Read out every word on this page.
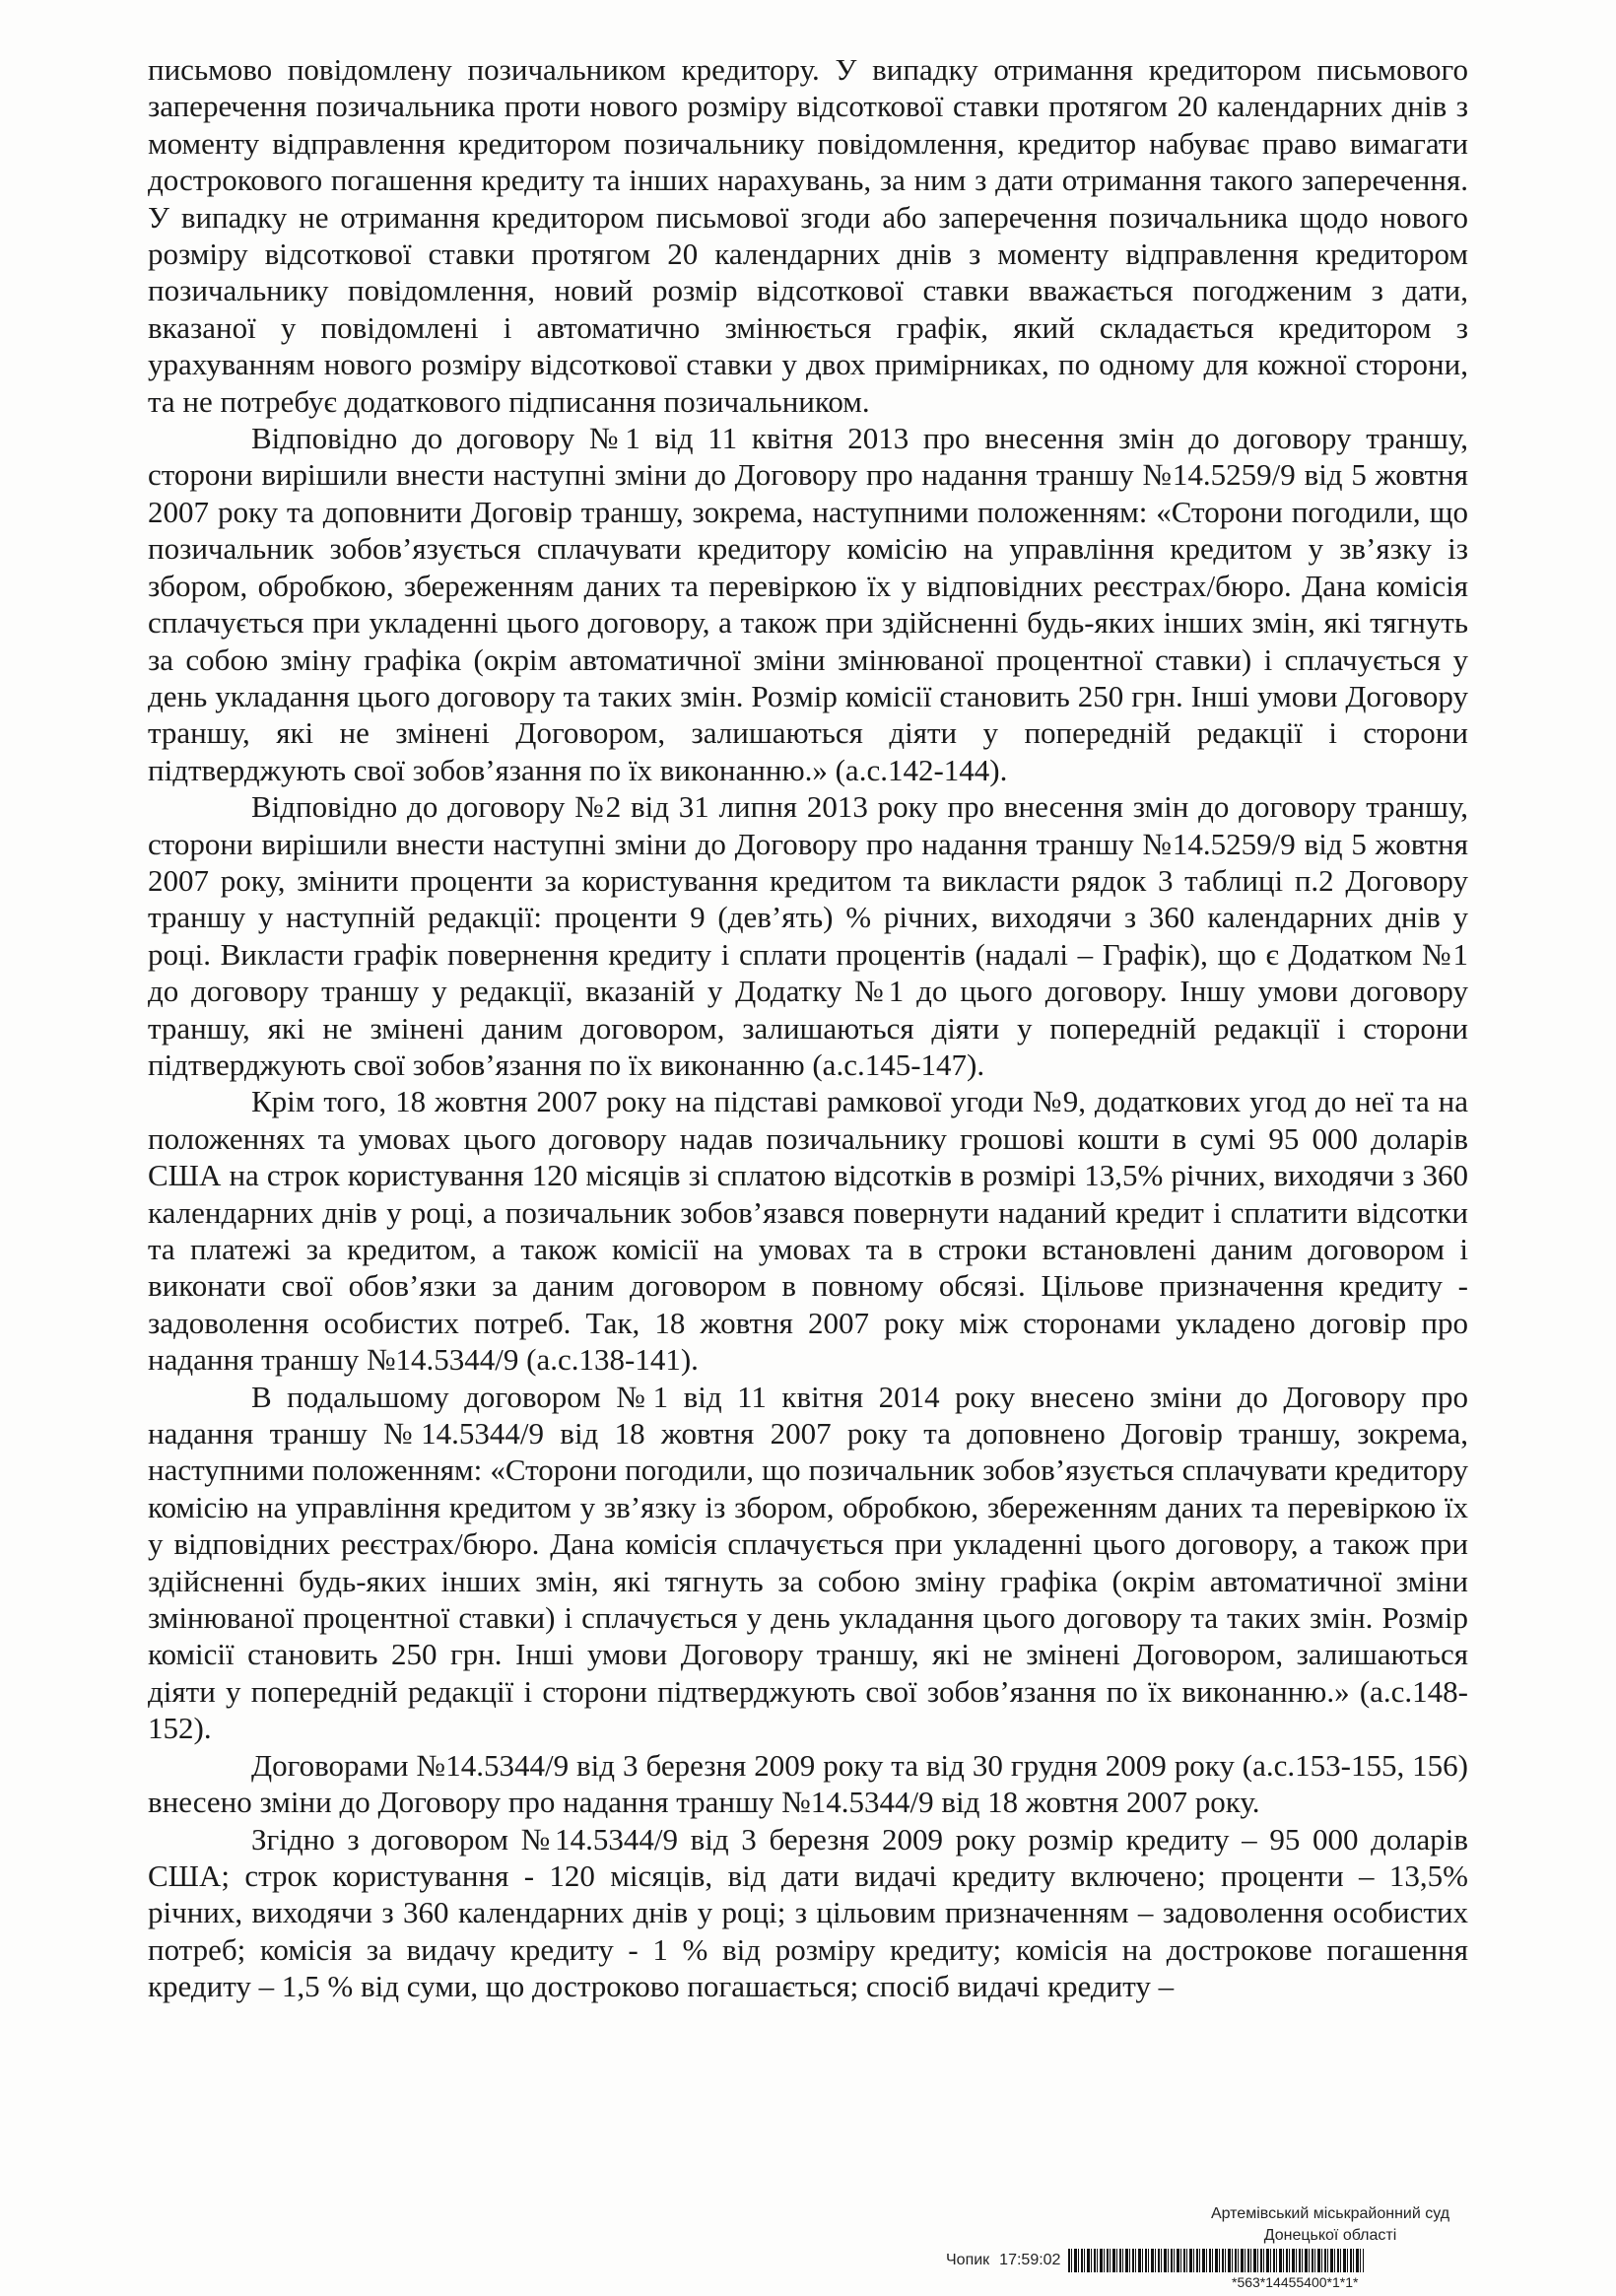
письмово повідомлену позичальником кредитору. У випадку отримання кредитором письмового заперечення позичальника проти нового розміру відсоткової ставки протягом 20 календарних днів з моменту відправлення кредитором позичальнику повідомлення, кредитор набуває право вимагати дострокового погашення кредиту та інших нарахувань, за ним з дати отримання такого заперечення. У випадку не отримання кредитором письмової згоди або заперечення позичальника щодо нового розміру відсоткової ставки протягом 20 календарних днів з моменту відправлення кредитором позичальнику повідомлення, новий розмір відсоткової ставки вважається погодженим з дати, вказаної у повідомлені і автоматично змінюється графік, який складається кредитором з урахуванням нового розміру відсоткової ставки у двох примірниках, по одному для кожної сторони, та не потребує додаткового підписання позичальником.

Відповідно до договору №1 від 11 квітня 2013 про внесення змін до договору траншу, сторони вирішили внести наступні зміни до Договору про надання траншу №14.5259/9 від 5 жовтня 2007 року та доповнити Договір траншу, зокрема, наступними положенням: «Сторони погодили, що позичальник зобов’язується сплачувати кредитору комісію на управління кредитом у зв’язку із збором, обробкою, збереженням даних та перевіркою їх у відповідних реєстрах/бюро. Дана комісія сплачується при укладенні цього договору, а також при здійсненні будь-яких інших змін, які тягнуть за собою зміну графіка (окрім автоматичної зміни змінюваної процентної ставки) і сплачується у день укладання цього договору та таких змін. Розмір комісії становить 250 грн. Інші умови Договору траншу, які не змінені Договором, залишаються діяти у попередній редакції і сторони підтверджують свої зобов’язання по їх виконанню.» (а.с.142-144).

Відповідно до договору №2 від 31 липня 2013 року про внесення змін до договору траншу, сторони вирішили внести наступні зміни до Договору про надання траншу №14.5259/9 від 5 жовтня 2007 року, змінити проценти за користування кредитом та викласти рядок 3 таблиці п.2 Договору траншу у наступній редакції: проценти 9 (дев’ять) % річних, виходячи з 360 календарних днів у році. Викласти графік повернення кредиту і сплати процентів (надалі – Графік), що є Додатком №1 до договору траншу у редакції, вказаній у Додатку №1 до цього договору. Іншу умови договору траншу, які не змінені даним договором, залишаються діяти у попередній редакції і сторони підтверджують свої зобов’язання по їх виконанню (а.с.145-147).

Крім того, 18 жовтня 2007 року на підставі рамкової угоди №9, додаткових угод до неї та на положеннях та умовах цього договору надав позичальнику грошові кошти в сумі 95 000 доларів США на строк користування 120 місяців зі сплатою відсотків в розмірі 13,5% річних, виходячи з 360 календарних днів у році, а позичальник зобов’язався повернути наданий кредит і сплатити відсотки та платежі за кредитом, а також комісії на умовах та в строки встановлені даним договором і виконати свої обов’язки за даним договором в повному обсязі. Цільове призначення кредиту - задоволення особистих потреб. Так, 18 жовтня 2007 року між сторонами укладено договір про надання траншу №14.5344/9 (а.с.138-141).

В подальшому договором №1 від 11 квітня 2014 року внесено зміни до Договору про надання траншу №14.5344/9 від 18 жовтня 2007 року та доповнено Договір траншу, зокрема, наступними положенням: «Сторони погодили, що позичальник зобов’язується сплачувати кредитору комісію на управління кредитом у зв’язку із збором, обробкою, збереженням даних та перевіркою їх у відповідних реєстрах/бюро. Дана комісія сплачується при укладенні цього договору, а також при здійсненні будь-яких інших змін, які тягнуть за собою зміну графіка (окрім автоматичної зміни змінюваної процентної ставки) і сплачується у день укладання цього договору та таких змін. Розмір комісії становить 250 грн. Інші умови Договору траншу, які не змінені Договором, залишаються діяти у попередній редакції і сторони підтверджують свої зобов’язання по їх виконанню.» (а.с.148-152).

Договорами №14.5344/9 від 3 березня 2009 року та від 30 грудня 2009 року (а.с.153-155, 156) внесено зміни до Договору про надання траншу №14.5344/9 від 18 жовтня 2007 року.

Згідно з договором №14.5344/9 від 3 березня 2009 року розмір кредиту – 95 000 доларів США; строк користування - 120 місяців, від дати видачі кредиту включено; проценти – 13,5% річних, виходячи з 360 календарних днів у році; з цільовим призначенням – задоволення особистих потреб; комісія за видачу кредиту - 1 % від розміру кредиту; комісія на дострокове погашення кредиту – 1,5 % від суми, що достроково погашається; спосіб видачі кредиту –

Артемівський міськрайонний суд
Донецької області
Чопик 17:59:02
*563*14455400*1*1*
